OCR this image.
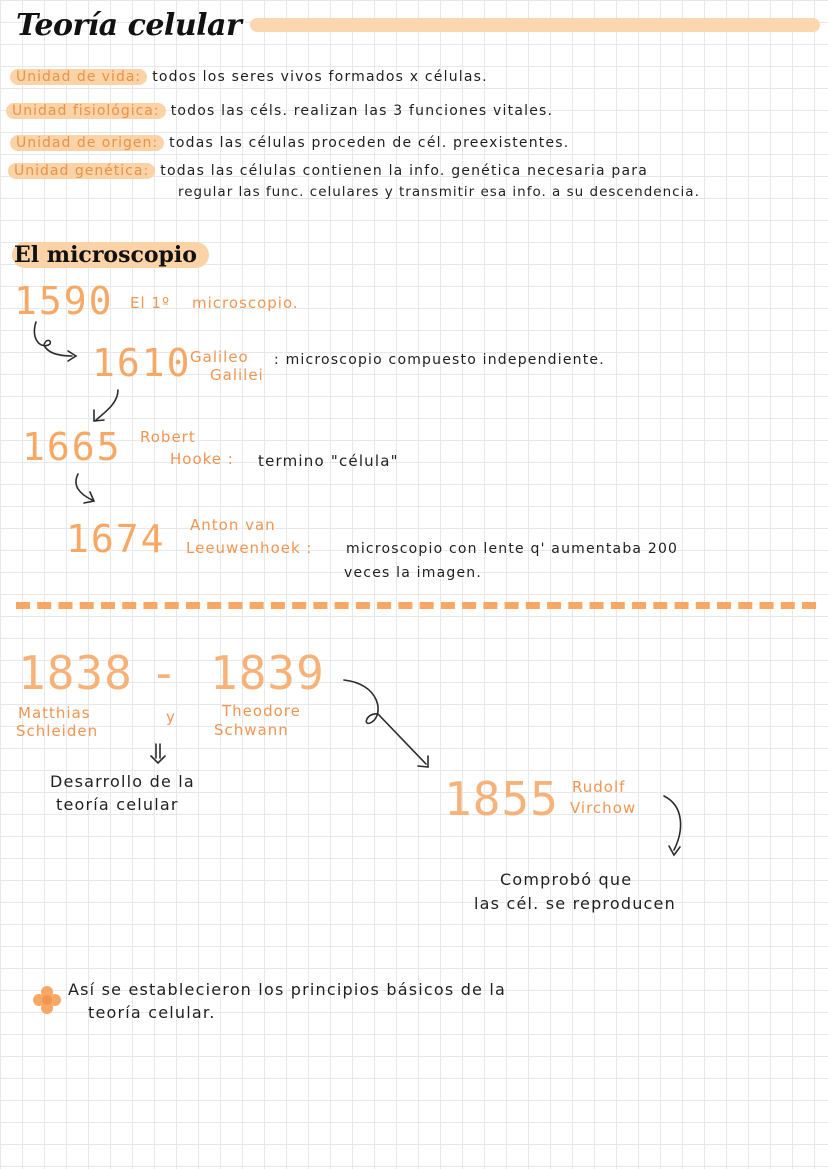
Teoría celular
Unidad de vida: todos los seres vivos formados x células.
Unidad fisiológica: todos las céls. realizan las 3 funciones vitales.
Unidad de origen: todas las células proceden de cél. preexistentes.
Unidad genética: todas las células contienen la info. genética necesaria para
regular las func. celulares y transmitir esa info. a su descendencia.
El microscopio
1590 El 1º microscopio.
1610
Galileo
Galilei
: microscopio compuesto independiente.
1665 Robert
Hooke : termino "célula"
1674 Anton van
Leeuwenhoek : microscopio con lente q' aumentaba 200
veces la imagen.
1838 - 1839
Matthias
Schleiden
y	Theodore
Schwann
Desarrollo de la
teoría celular	1855 Rudolf
Virchow
Comprobó que
las cél. se reproducen
Así se establecieron los principios básicos de la
teoría celular.
